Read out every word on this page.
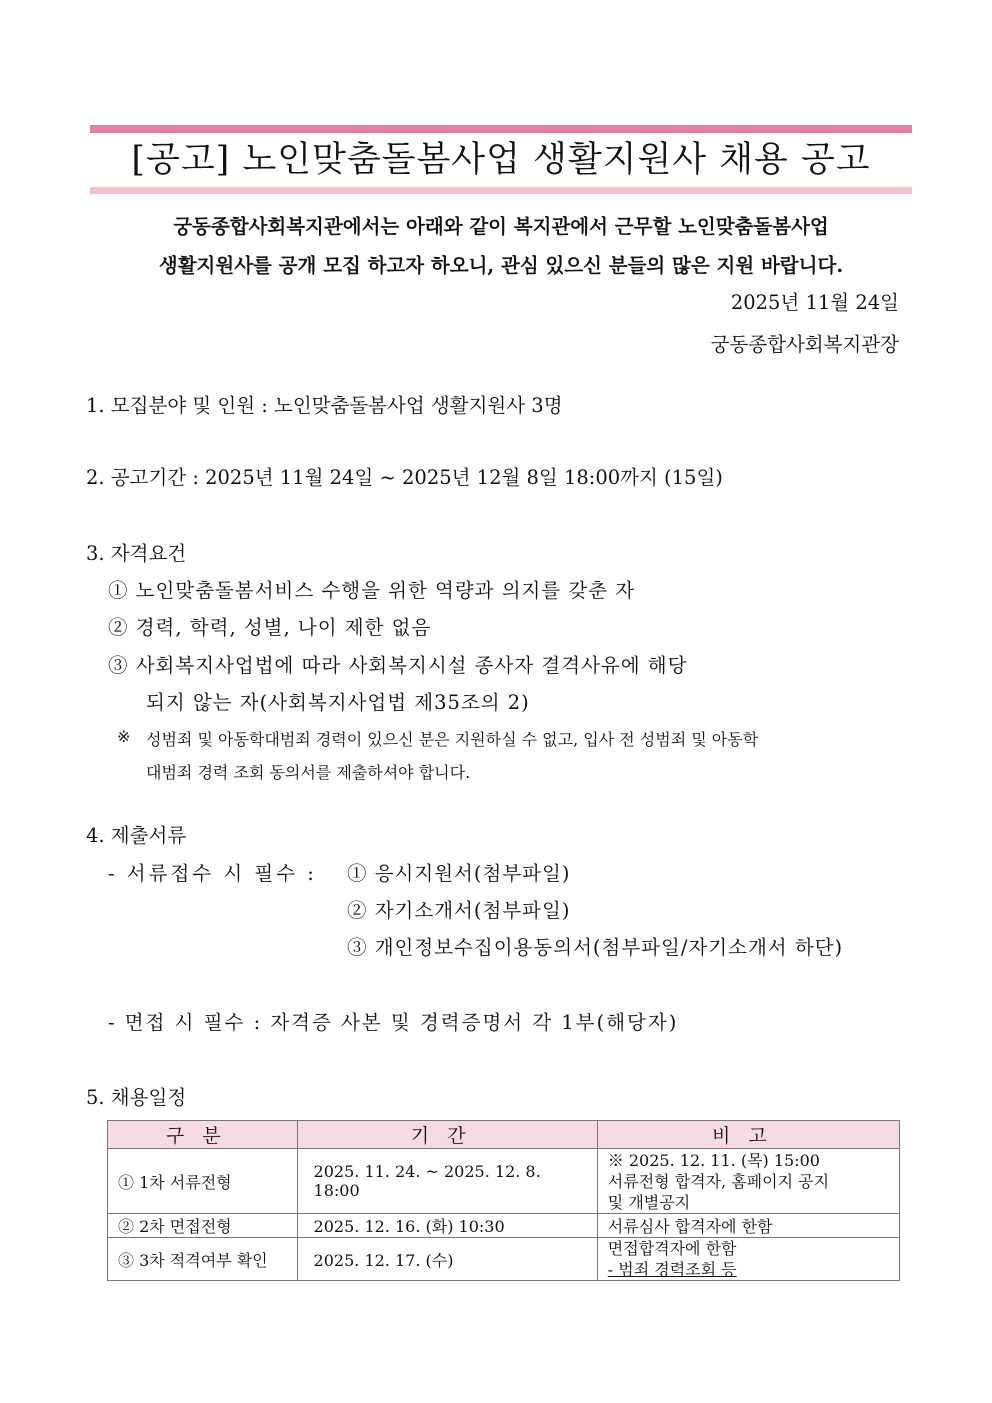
[공고] 노인맞춤돌봄사업 생활지원사 채용 공고
궁동종합사회복지관에서는 아래와 같이 복지관에서 근무할 노인맞춤돌봄사업
생활지원사를 공개 모집 하고자 하오니, 관심 있으신 분들의 많은 지원 바랍니다.
2025년 11월 24일
궁동종합사회복지관장
1. 모집분야 및 인원 : 노인맞춤돌봄사업 생활지원사 3명
2. 공고기간 : 2025년 11월 24일 ~ 2025년 12월 8일 18:00까지 (15일)
3. 자격요건
① 노인맞춤돌봄서비스 수행을 위한 역량과 의지를 갖춘 자
② 경력, 학력, 성별, 나이 제한 없음
③ 사회복지사업법에 따라 사회복지시설 종사자 결격사유에 해당
되지 않는 자(사회복지사업법 제35조의 2)
※ 성범죄 및 아동학대범죄 경력이 있으신 분은 지원하실 수 없고, 입사 전 성범죄 및 아동학
대범죄 경력 조회 동의서를 제출하셔야 합니다.
4. 제출서류
- 서류접수 시 필수 : ① 응시지원서(첨부파일)
② 자기소개서(첨부파일)
③ 개인정보수집이용동의서(첨부파일/자기소개서 하단)
- 면접 시 필수 : 자격증 사본 및 경력증명서 각 1부(해당자)
5. 채용일정
구분	기간	비고
① 1차 서류전형	2025. 11. 24. ~ 2025. 12. 8. 18:00	※ 2025. 12. 11. (목) 15:00
서류전형 합격자, 홈페이지 공지
및 개별공지

② 2차 면접전형	2025. 12. 16. (화) 10:30	서류심사 합격자에 한함
③ 3차 적격여부 확인	2025. 12. 17. (수)	면접합격자에 한함
- 범죄 경력조회 등
